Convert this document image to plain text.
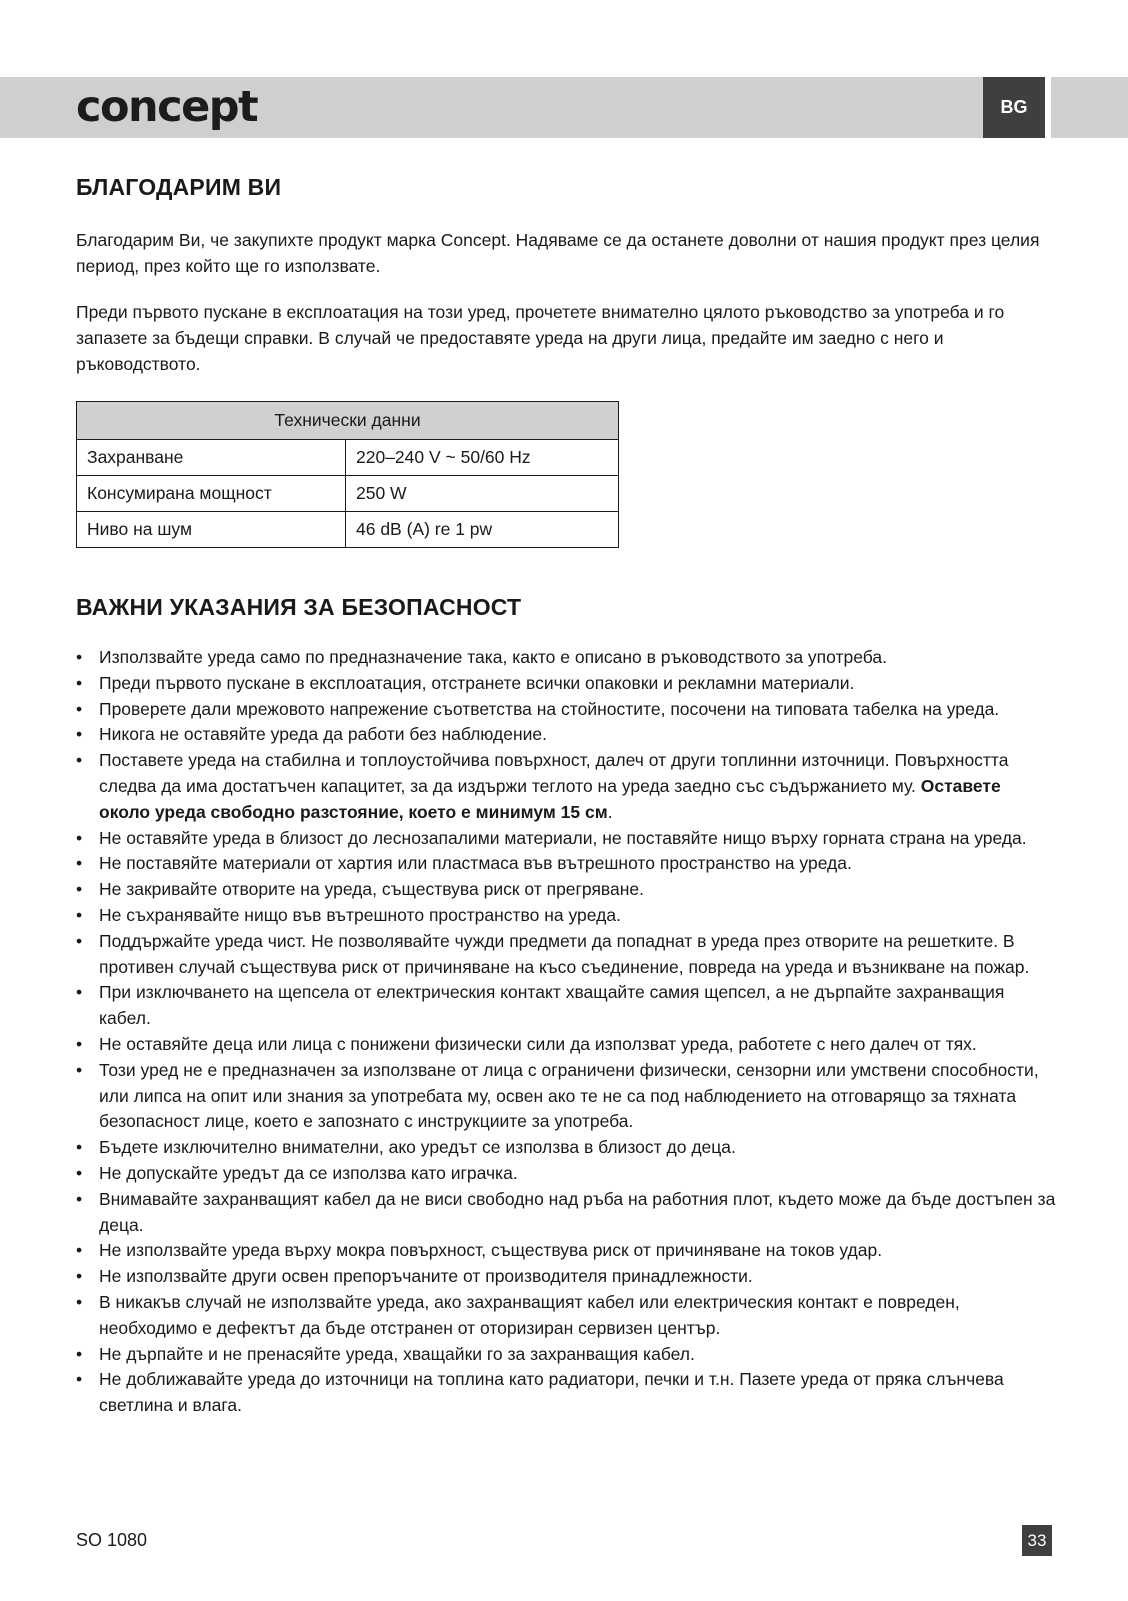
concept	BG
БЛАГОДАРИМ ВИ

Благодарим Ви, че закупихте продукт марка Concept. Надяваме се да останете доволни от нашия продукт през целия период, през който ще го използвате.

Преди първото пускане в експлоатация на този уред, прочетете внимателно цялото ръководство за употреба и го запазете за бъдещи справки. В случай че предоставяте уреда на други лица, предайте им заедно с него и ръководството.

Технически данни	
Захранване	220–240 V ~ 50/60 Hz
Консумирана мощност	250 W
Ниво на шум	46 dB (A) re 1 pw
ВАЖНИ УКАЗАНИЯ ЗА БЕЗОПАСНОСТ
• Използвайте уреда само по предназначение така, както е описано в ръководството за употреба.
• Преди първото пускане в експлоатация, отстранете всички опаковки и рекламни материали.
• Проверете дали мрежовото напрежение съответства на стойностите, посочени на типовата табелка на уреда.
• Никога не оставяйте уреда да работи без наблюдение.
• Поставете уреда на стабилна и топлоустойчива повърхност, далеч от други топлинни източници. Повърхността следва да има достатъчен капацитет, за да издържи теглото на уреда заедно със съдържанието му. Оставете около уреда свободно разстояние, което е минимум 15 см.
• Не оставяйте уреда в близост до леснозапалими материали, не поставяйте нищо върху горната страна на уреда.
• Не поставяйте материали от хартия или пластмаса във вътрешното пространство на уреда.
• Не закривайте отворите на уреда, съществува риск от прегряване.
• Не съхранявайте нищо във вътрешното пространство на уреда.
• Поддържайте уреда чист. Не позволявайте чужди предмети да попаднат в уреда през отворите на решетките. В противен случай съществува риск от причиняване на късо съединение, повреда на уреда и възникване на пожар.
• При изключването на щепсела от електрическия контакт хващайте самия щепсел, а не дърпайте захранващия кабел.
• Не оставяйте деца или лица с понижени физически сили да използват уреда, работете с него далеч от тях.
• Този уред не е предназначен за използване от лица с ограничени физически, сензорни или умствени способности, или липса на опит или знания за употребата му, освен ако те не са под наблюдението на отговарящо за тяхната безопасност лице, което е запознато с инструкциите за употреба.
• Бъдете изключително внимателни, ако уредът се използва в близост до деца.
• Не допускайте уредът да се използва като играчка.
• Внимавайте захранващият кабел да не виси свободно над ръба на работния плот, където може да бъде достъпен за деца.
• Не използвайте уреда върху мокра повърхност, съществува риск от причиняване на токов удар.
• Не използвайте други освен препоръчаните от производителя принадлежности.
• В никакъв случай не използвайте уреда, ако захранващият кабел или електрическия контакт е повреден, необходимо е дефектът да бъде отстранен от оторизиран сервизен център.
• Не дърпайте и не пренасяйте уреда, хващайки го за захранващия кабел.
• Не доближавайте уреда до източници на топлина като радиатори, печки и т.н. Пазете уреда от пряка слънчева светлина и влага.
SO 1080	33
